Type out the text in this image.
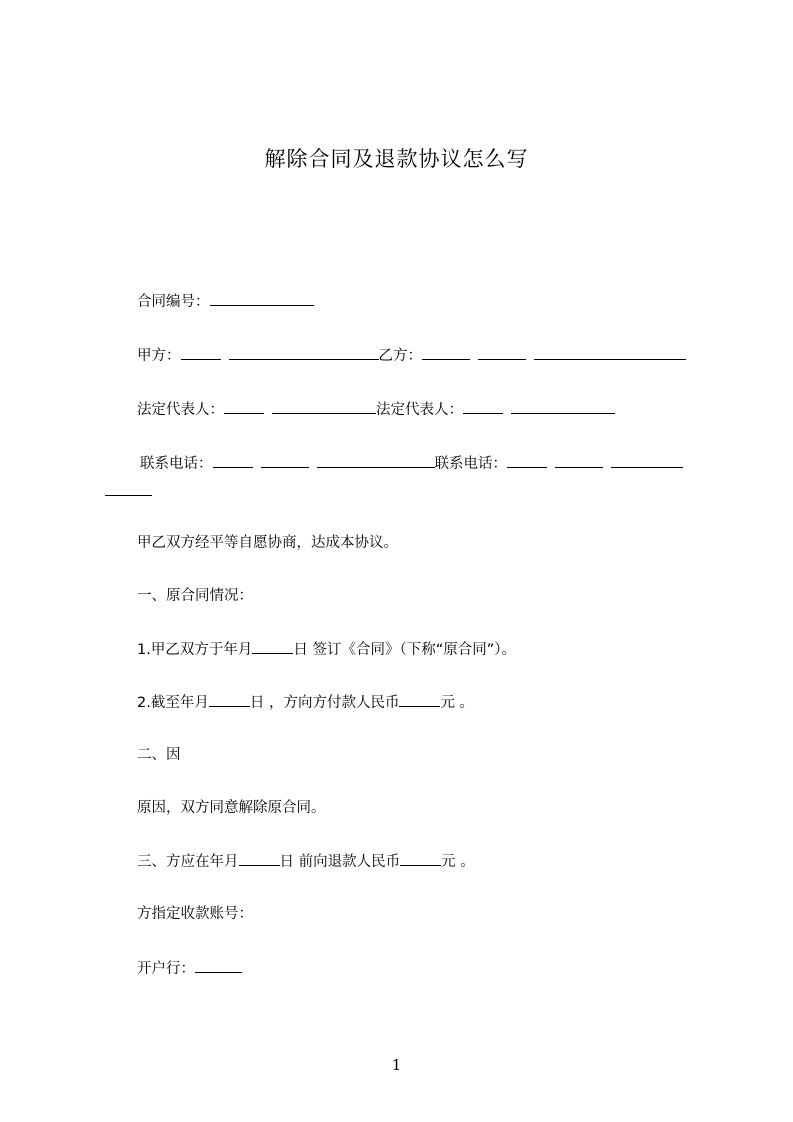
解除合同及退款协议怎么写
合同编号：
甲方：	乙方：
法定代表人：	法定代表人：
联系电话：	联系电话：
甲乙双方经平等自愿协商，达成本协议。
一、原合同情况：
1.甲乙双方于年月	日 签订《合同》（下称“原合同”）。
2.截至年月	日 ，方向方付款人民币	元 。
二、因
原因，双方同意解除原合同。
三、方应在年月	日 前向退款人民币	元 。
方指定收款账号：
开户行：
1
